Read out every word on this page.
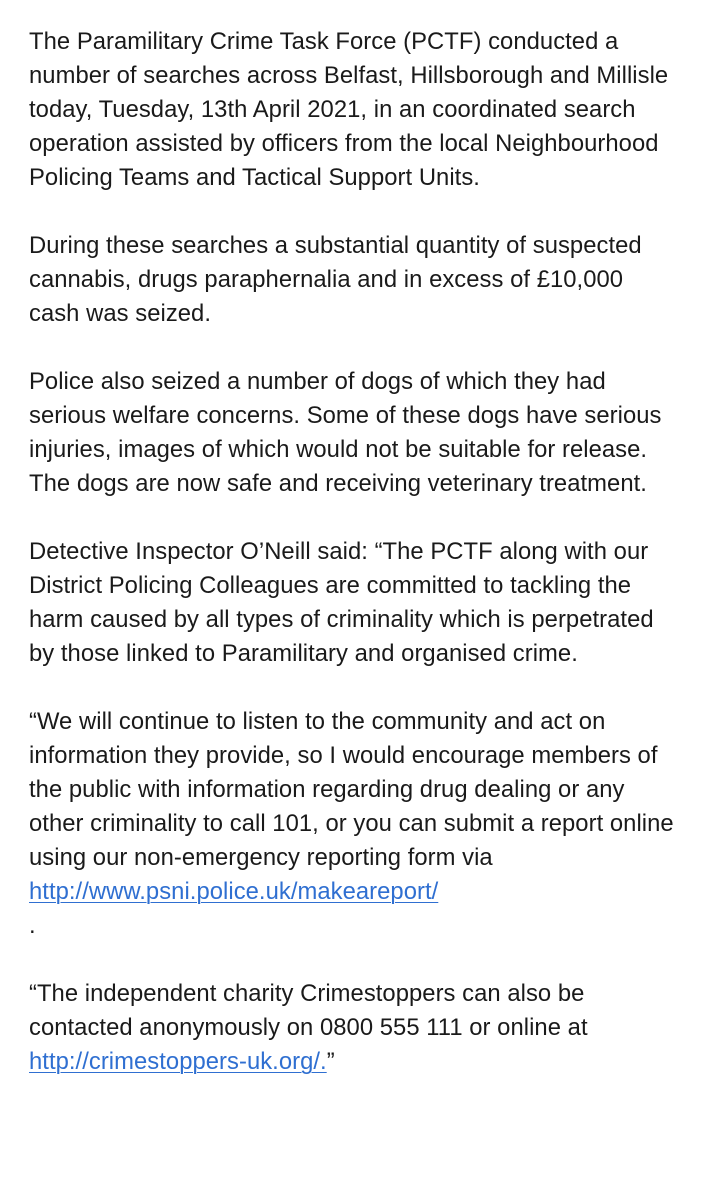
The Paramilitary Crime Task Force (PCTF) conducted a number of searches across Belfast, Hillsborough and Millisle today, Tuesday, 13th April 2021, in an coordinated search operation assisted by officers from the local Neighbourhood Policing Teams and Tactical Support Units.

During these searches a substantial quantity of suspected cannabis, drugs paraphernalia and in excess of £10,000 cash was seized.

Police also seized a number of dogs of which they had serious welfare concerns. Some of these dogs have serious injuries, images of which would not be suitable for release. The dogs are now safe and receiving veterinary treatment.

Detective Inspector O’Neill said: “The PCTF along with our District Policing Colleagues are committed to tackling the harm caused by all types of criminality which is perpetrated by those linked to Paramilitary and organised crime.

“We will continue to listen to the community and act on information they provide, so I would encourage members of the public with information regarding drug dealing or any other criminality to call 101, or you can submit a report online using our non-emergency reporting form via http://www.psni.police.uk/makeareport/
.

“The independent charity Crimestoppers can also be contacted anonymously on 0800 555 111 or online at http://crimestoppers-uk.org/.”
